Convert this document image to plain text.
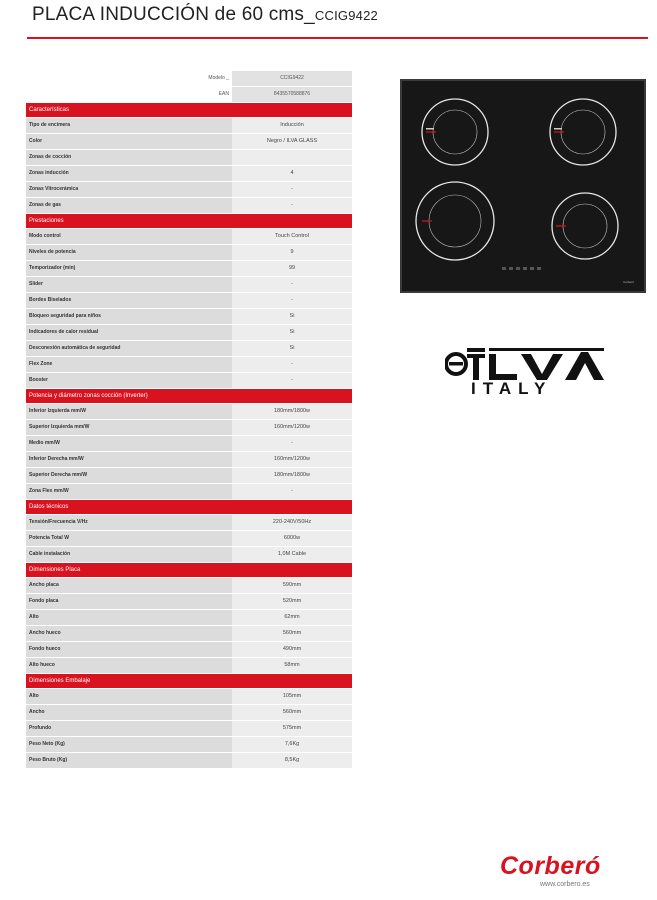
PLACA INDUCCIÓN de 60 cms_CCIG9422
Modelo _	CCIG9422
EAN	8435570588876
Características
Tipo de encimera	Inducción
Color	Negro / ILVA GLASS
Zonas de cocción
Zonas inducción	4
Zonas Vitrocerámica	-
Zonas de gas	-
Prestaciones
Modo control	Touch Control
Niveles de potencia	9
Temporizador (min)	99
Slider	-
Bordes Biselados	-
Bloqueo seguridad para niños	Si
Indicadores de calor residual	Si
Desconexión automática de seguridad	Si
Flex Zone	-
Booster	-
Potencia y diámetro zonas cocción (Inverter)
Inferior Izquierda mm/W	180mm/1800w
Superior Izquierda mm/W	160mm/1200w
Medio mm/W	-
Inferior Derecha mm/W	160mm/1200w
Superior Derecha mm/W	180mm/1800w
Zona Flex mm/W	-
Datos técnicos
Tensión/Frecuencia V/Hz	220-240V/50Hz
Potencia Total W	6000w
Cable instalación	1,0M Cable
Dimensiones Placa
Ancho placa	590mm
Fondo placa	520mm
Alto	62mm
Ancho hueco	560mm
Fondo hueco	490mm
Alto hueco	58mm
Dimensiones Embalaje
Alto	105mm
Ancho	560mm
Profundo	575mm
Peso Neto (Kg)	7,6Kg
Peso Bruto (Kg)	8,5Kg
Corberó
ITALY
Corberó
www.corbero.es
